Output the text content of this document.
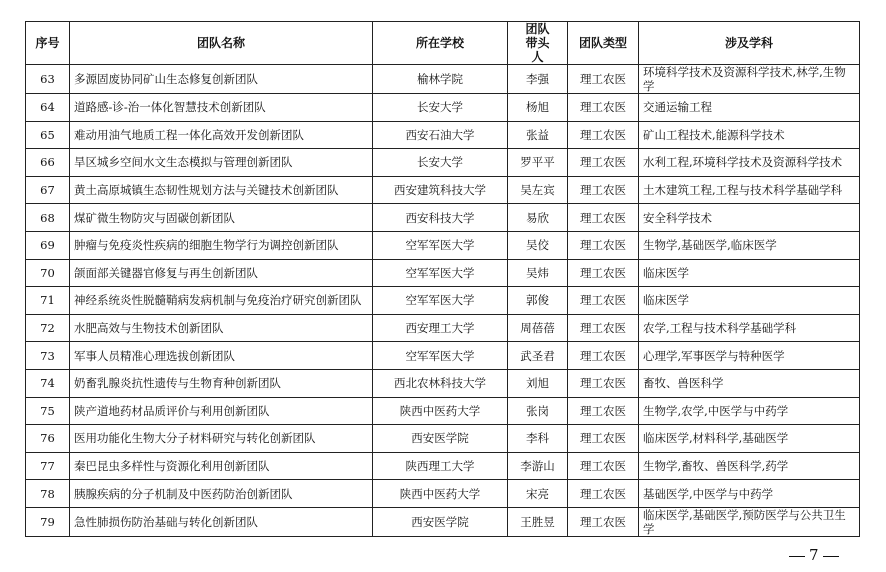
序号	团队名称	所在学校	团队带头人	团队类型	涉及学科
63	多源固废协同矿山生态修复创新团队	榆林学院	李强	理工农医	环境科学技术及资源科学技术,林学,生物学
64	道路感-诊-治一体化智慧技术创新团队	长安大学	杨旭	理工农医	交通运输工程
65	难动用油气地质工程一体化高效开发创新团队	西安石油大学	张益	理工农医	矿山工程技术,能源科学技术
66	旱区城乡空间水文生态模拟与管理创新团队	长安大学	罗平平	理工农医	水利工程,环境科学技术及资源科学技术
67	黄土高原城镇生态韧性规划方法与关键技术创新团队	西安建筑科技大学	吴左宾	理工农医	土木建筑工程,工程与技术科学基础学科
68	煤矿微生物防灾与固碳创新团队	西安科技大学	易欣	理工农医	安全科学技术
69	肿瘤与免疫炎性疾病的细胞生物学行为调控创新团队	空军军医大学	吴佼	理工农医	生物学,基础医学,临床医学
70	颌面部关键器官修复与再生创新团队	空军军医大学	吴炜	理工农医	临床医学
71	神经系统炎性脱髓鞘病发病机制与免疫治疗研究创新团队	空军军医大学	郭俊	理工农医	临床医学
72	水肥高效与生物技术创新团队	西安理工大学	周蓓蓓	理工农医	农学,工程与技术科学基础学科
73	军事人员精准心理选拔创新团队	空军军医大学	武圣君	理工农医	心理学,军事医学与特种医学
74	奶畜乳腺炎抗性遗传与生物育种创新团队	西北农林科技大学	刘旭	理工农医	畜牧、兽医科学
75	陕产道地药材品质评价与利用创新团队	陕西中医药大学	张岗	理工农医	生物学,农学,中医学与中药学
76	医用功能化生物大分子材料研究与转化创新团队	西安医学院	李科	理工农医	临床医学,材料科学,基础医学
77	秦巴昆虫多样性与资源化利用创新团队	陕西理工大学	李游山	理工农医	生物学,畜牧、兽医科学,药学
78	胰腺疾病的分子机制及中医药防治创新团队	陕西中医药大学	宋亮	理工农医	基础医学,中医学与中药学
79	急性肺损伤防治基础与转化创新团队	西安医学院	王胜昱	理工农医	临床医学,基础医学,预防医学与公共卫生学
7
